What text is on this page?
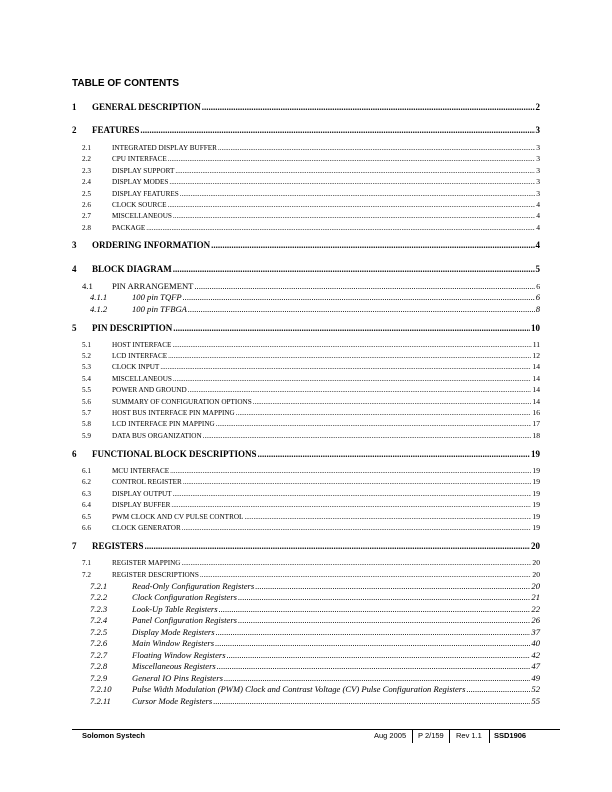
TABLE OF CONTENTS
1	GENERAL DESCRIPTION .....	2
2	FEATURES .....	3
2.1	INTEGRATED DISPLAY BUFFER .....	3
2.2	CPU INTERFACE .....	3
2.3	DISPLAY SUPPORT .....	3
2.4	DISPLAY MODES .....	3
2.5	DISPLAY FEATURES .....	3
2.6	CLOCK SOURCE .....	4
2.7	MISCELLANEOUS .....	4
2.8	PACKAGE .....	4
3	ORDERING INFORMATION .....	4
4	BLOCK DIAGRAM .....	5
4.1	PIN ARRANGEMENT .....	6
4.1.1	100 pin TQFP .....	6
4.1.2	100 pin TFBGA .....	8
5	PIN DESCRIPTION .....	10
5.1	HOST INTERFACE .....	11
5.2	LCD INTERFACE .....	12
5.3	CLOCK INPUT .....	14
5.4	MISCELLANEOUS .....	14
5.5	POWER AND GROUND .....	14
5.6	SUMMARY OF CONFIGURATION OPTIONS .....	14
5.7	HOST BUS INTERFACE PIN MAPPING .....	16
5.8	LCD INTERFACE PIN MAPPING .....	17
5.9	DATA BUS ORGANIZATION .....	18
6	FUNCTIONAL BLOCK DESCRIPTIONS .....	19
6.1	MCU INTERFACE .....	19
6.2	CONTROL REGISTER .....	19
6.3	DISPLAY OUTPUT .....	19
6.4	DISPLAY BUFFER .....	19
6.5	PWM CLOCK AND CV PULSE CONTROL .....	19
6.6	CLOCK GENERATOR .....	19
7	REGISTERS .....	20
7.1	REGISTER MAPPING .....	20
7.2	REGISTER DESCRIPTIONS .....	20
7.2.1	Read-Only Configuration Registers .....	20
7.2.2	Clock Configuration Registers .....	21
7.2.3	Look-Up Table Registers .....	22
7.2.4	Panel Configuration Registers .....	26
7.2.5	Display Mode Registers .....	37
7.2.6	Main Window Registers .....	40
7.2.7	Floating Window Registers .....	42
7.2.8	Miscellaneous Registers .....	47
7.2.9	General IO Pins Registers .....	49
7.2.10	Pulse Width Modulation (PWM) Clock and Contrast Voltage (CV) Pulse Configuration Registers .....	52
7.2.11	Cursor Mode Registers .....	55
Solomon Systech	Aug 2005 P 2/159 Rev 1.1 SSD1906
